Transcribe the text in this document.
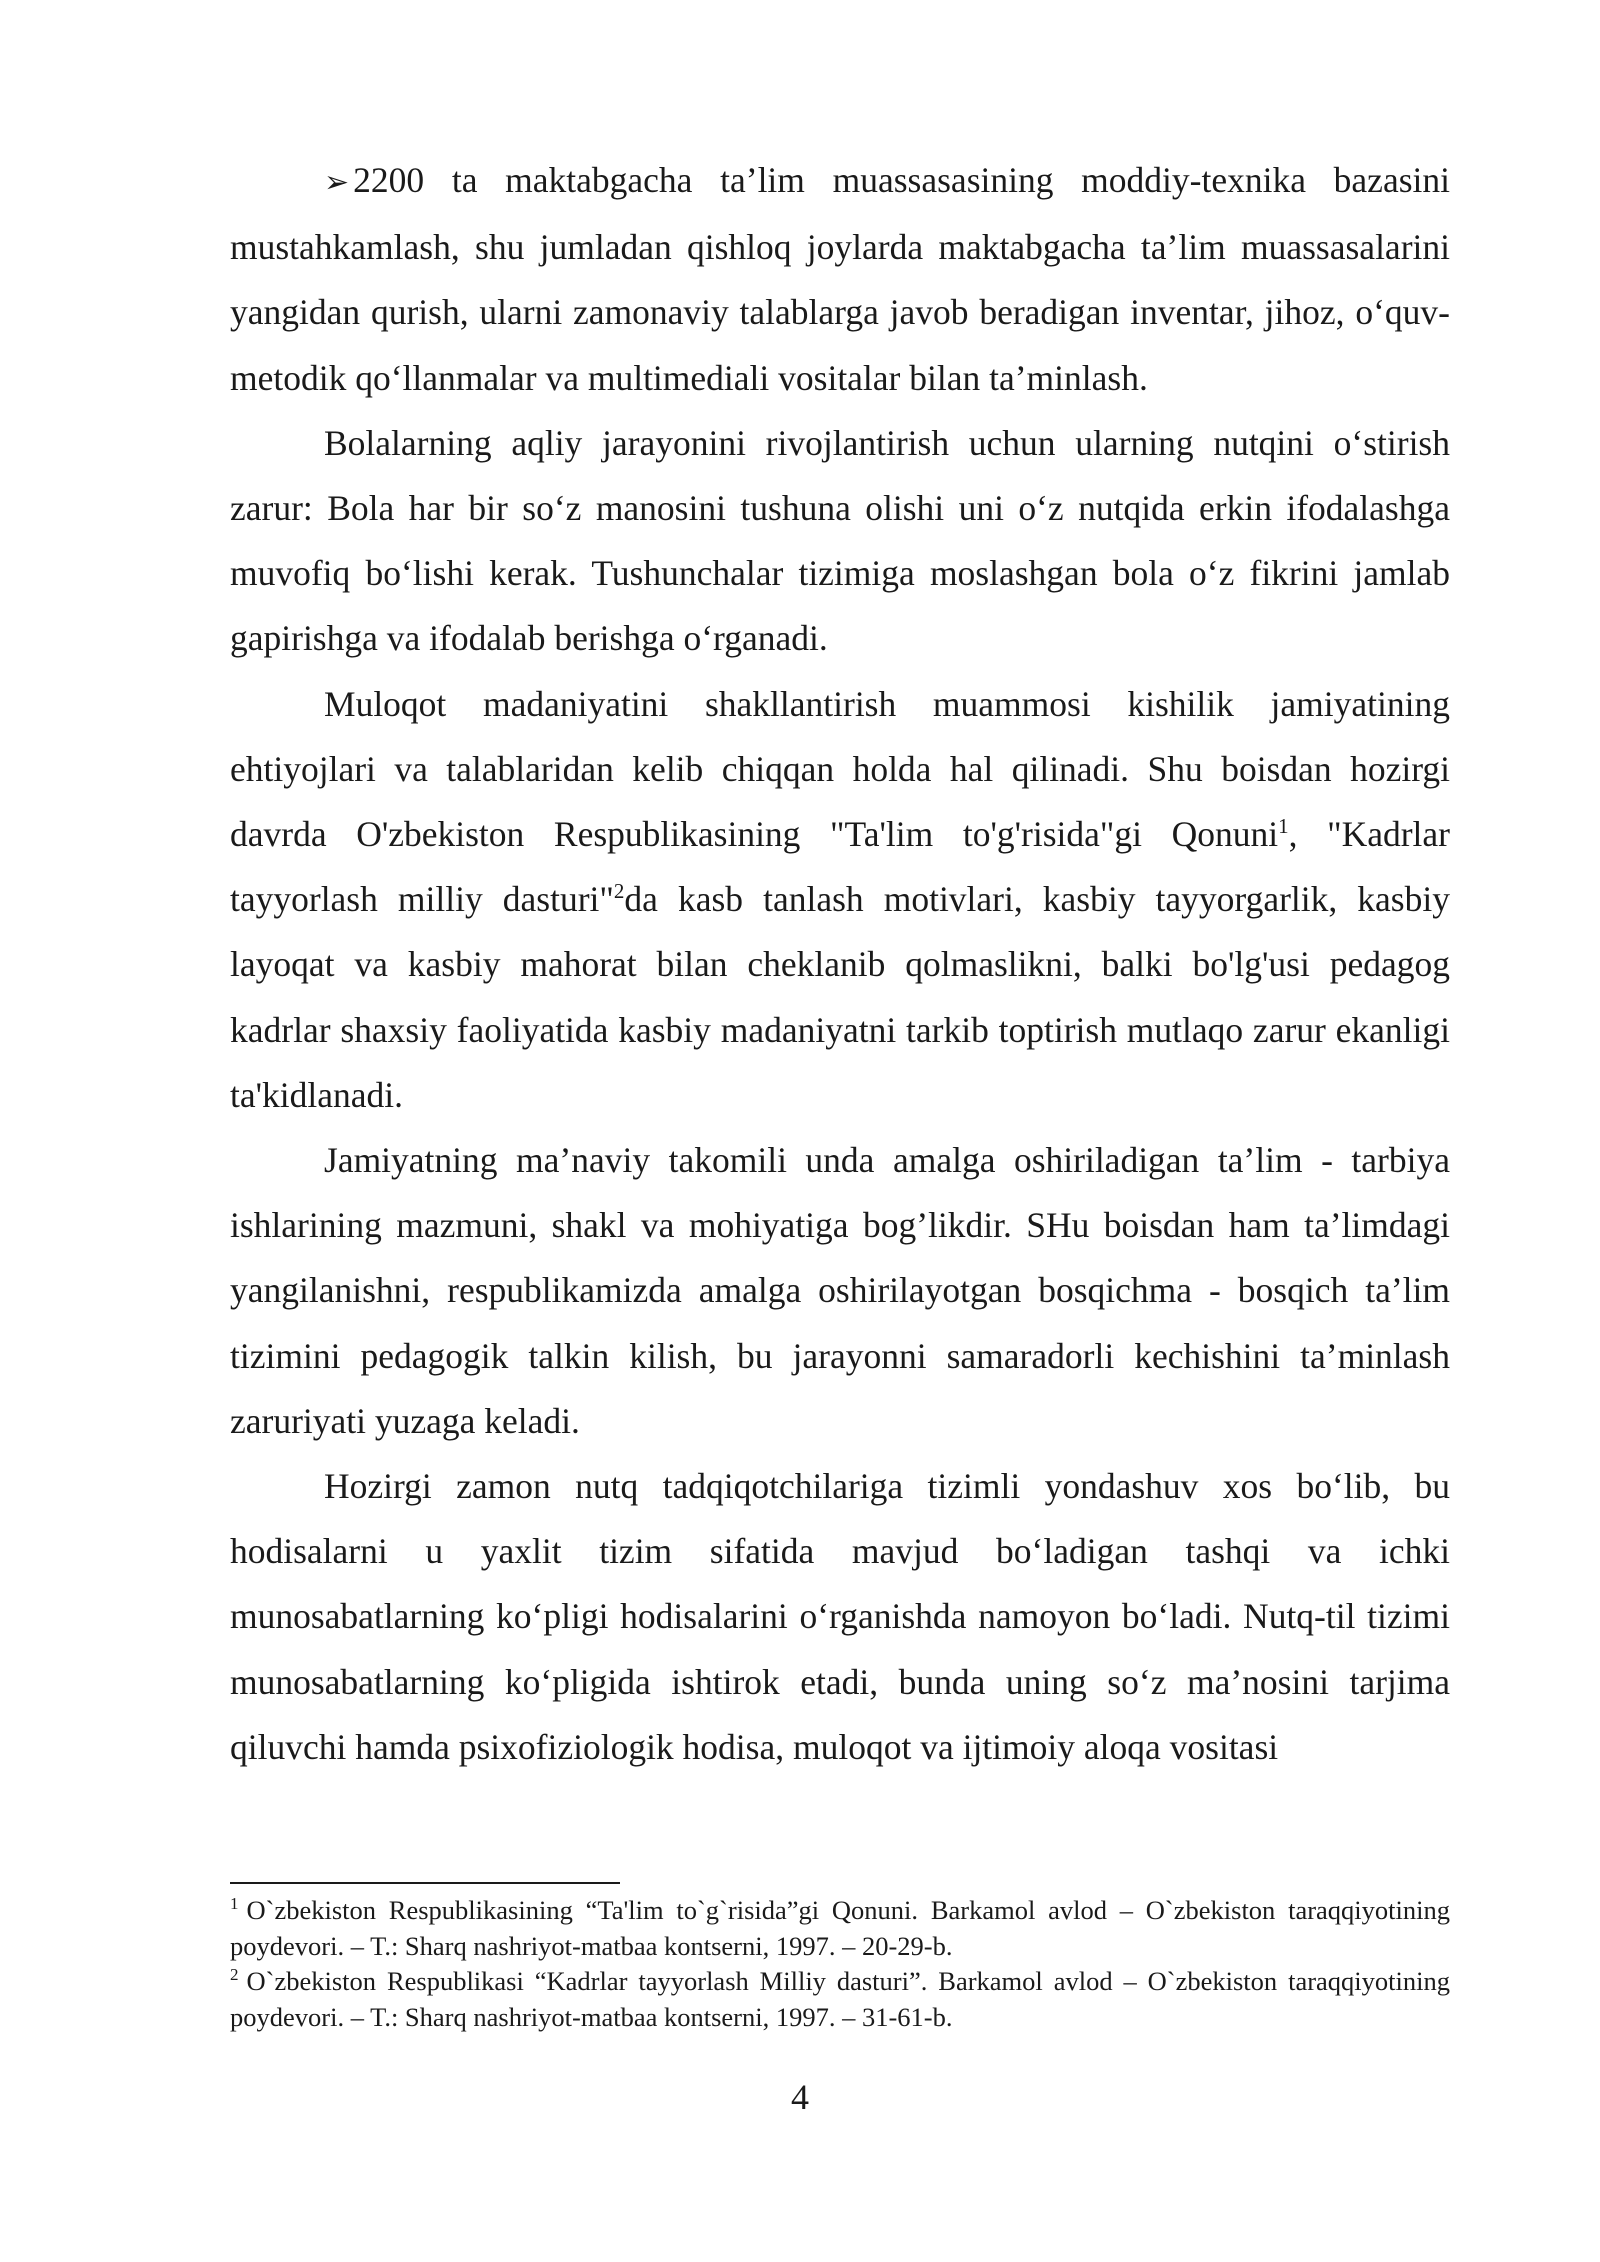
➢ 2200 ta maktabgacha ta’lim muassasasining moddiy-texnika bazasini mustahkamlash, shu jumladan qishloq joylarda maktabgacha ta’lim muassasalarini yangidan qurish, ularni zamonaviy talablarga javob beradigan inventar, jihoz, o‘quv-metodik qo‘llanmalar va multimediali vositalar bilan ta’minlash.

Bolalarning aqliy jarayonini rivojlantirish uchun ularning nutqini o‘stirish zarur: Bola har bir so‘z manosini tushuna olishi uni o‘z nutqida erkin ifodalashga muvofiq bo‘lishi kerak. Tushunchalar tizimiga moslashgan bola o‘z fikrini jamlab gapirishga va ifodalab berishga o‘rganadi.

Muloqot madaniyatini shakllantirish muammosi kishilik jamiyatining ehtiyojlari va talablaridan kelib chiqqan holda hal qilinadi. Shu boisdan hozirgi davrda O'zbekiston Respublikasining "Ta'lim to'g'risida"gi Qonuni$^1$, "Kadrlar tayyorlash milliy dasturi"$^2$da kasb tanlash motivlari, kasbiy tayyorgarlik, kasbiy layoqat va kasbiy mahorat bilan cheklanib qolmaslikni, balki bo'lg'usi pedagog kadrlar shaxsiy faoliyatida kasbiy madaniyatni tarkib toptirish mutlaqo zarur ekanligi ta'kidlanadi.

Jamiyatning ma’naviy takomili unda amalga oshiriladigan ta’lim - tarbiya ishlarining mazmuni, shakl va mohiyatiga bog’likdir. SHu boisdan ham ta’limdagi yangilanishni, respublikamizda amalga oshirilayotgan bosqichma - bosqich ta’lim tizimini pedagogik talkin kilish, bu jarayonni samaradorli kechishini ta’minlash zaruriyati yuzaga keladi.

Hozirgi zamon nutq tadqiqotchilariga tizimli yondashuv xos bo‘lib, bu hodisalarni u yaxlit tizim sifatida mavjud bo‘ladigan tashqi va ichki munosabatlarning ko‘pligi hodisalarini o‘rganishda namoyon bo‘ladi. Nutq-til tizimi munosabatlarning ko‘pligida ishtirok etadi, bunda uning so‘z ma’nosini tarjima qiluvchi hamda psixofiziologik hodisa, muloqot va ijtimoiy aloqa vositasi

$^1$ O`zbekiston Respublikasining “Ta'lim to`g`risida”gi Qonuni. Barkamol avlod – O`zbekiston taraqqiyotining poydevori. – T.: Sharq nashriyot-matbaa kontserni, 1997. – 20-29-b.

$^2$ O`zbekiston Respublikasi “Kadrlar tayyorlash Milliy dasturi”. Barkamol avlod – O`zbekiston taraqqiyotining poydevori. – T.: Sharq nashriyot-matbaa kontserni, 1997. – 31-61-b.

4
